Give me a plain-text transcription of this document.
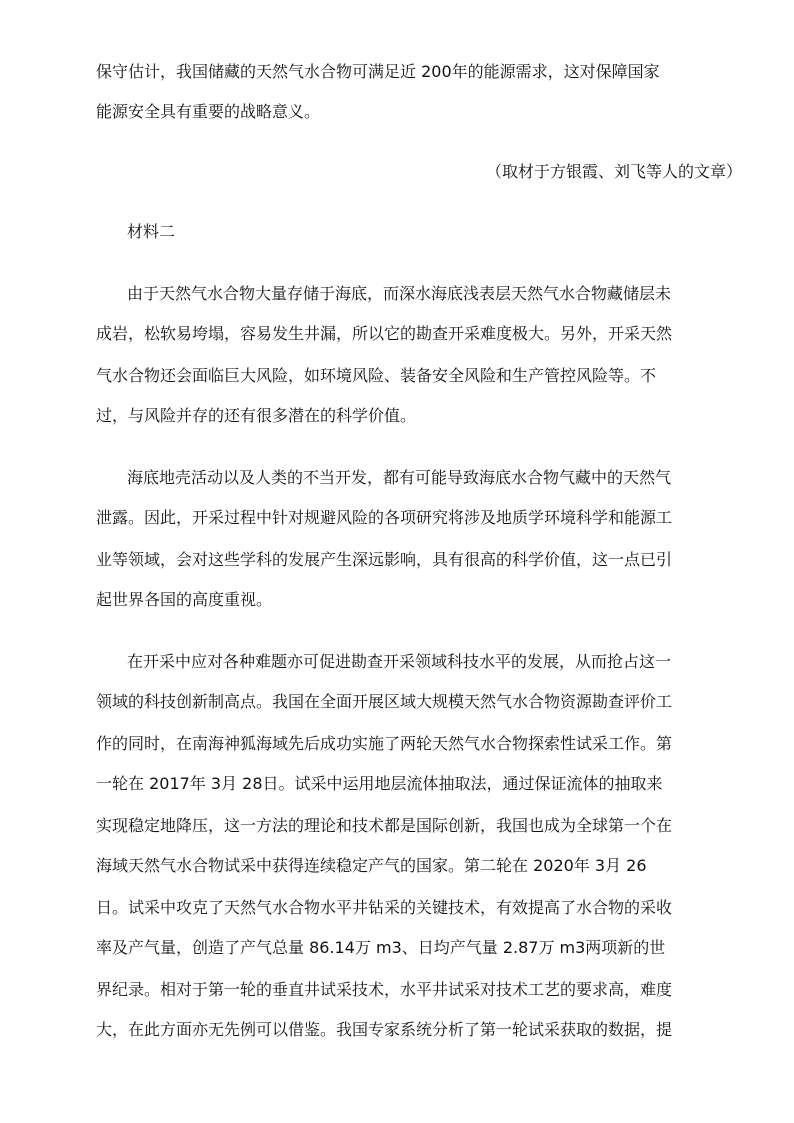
保守估计，我国储藏的天然气水合物可满足近 200年的能源需求，这对保障国家
能源安全具有重要的战略意义。
（取材于方银霞、刘飞等人的文章）
材料二
由于天然气水合物大量存储于海底，而深水海底浅表层天然气水合物藏储层未
成岩，松软易垮塌，容易发生井漏，所以它的勘查开采难度极大。另外，开采天然
气水合物还会面临巨大风险，如环境风险、装备安全风险和生产管控风险等。不
过，与风险并存的还有很多潜在的科学价值。
海底地壳活动以及人类的不当开发，都有可能导致海底水合物气藏中的天然气
泄露。因此，开采过程中针对规避风险的各项研究将涉及地质学环境科学和能源工
业等领域，会对这些学科的发展产生深远影响，具有很高的科学价值，这一点已引
起世界各国的高度重视。
在开采中应对各种难题亦可促进勘查开采领域科技水平的发展，从而抢占这一
领域的科技创新制高点。我国在全面开展区域大规模天然气水合物资源勘查评价工
作的同时，在南海神狐海域先后成功实施了两轮天然气水合物探索性试采工作。第
一轮在 2017年 3月 28日。试采中运用地层流体抽取法，通过保证流体的抽取来
实现稳定地降压，这一方法的理论和技术都是国际创新，我国也成为全球第一个在
海域天然气水合物试采中获得连续稳定产气的国家。第二轮在 2020年 3月 26
日。试采中攻克了天然气水合物水平井钻采的关键技术，有效提高了水合物的采收
率及产气量，创造了产气总量 86.14万 m3、日均产气量 2.87万 m3两项新的世
界纪录。相对于第一轮的垂直井试采技术，水平井试采对技术工艺的要求高，难度
大，在此方面亦无先例可以借鉴。我国专家系统分析了第一轮试采获取的数据，提
